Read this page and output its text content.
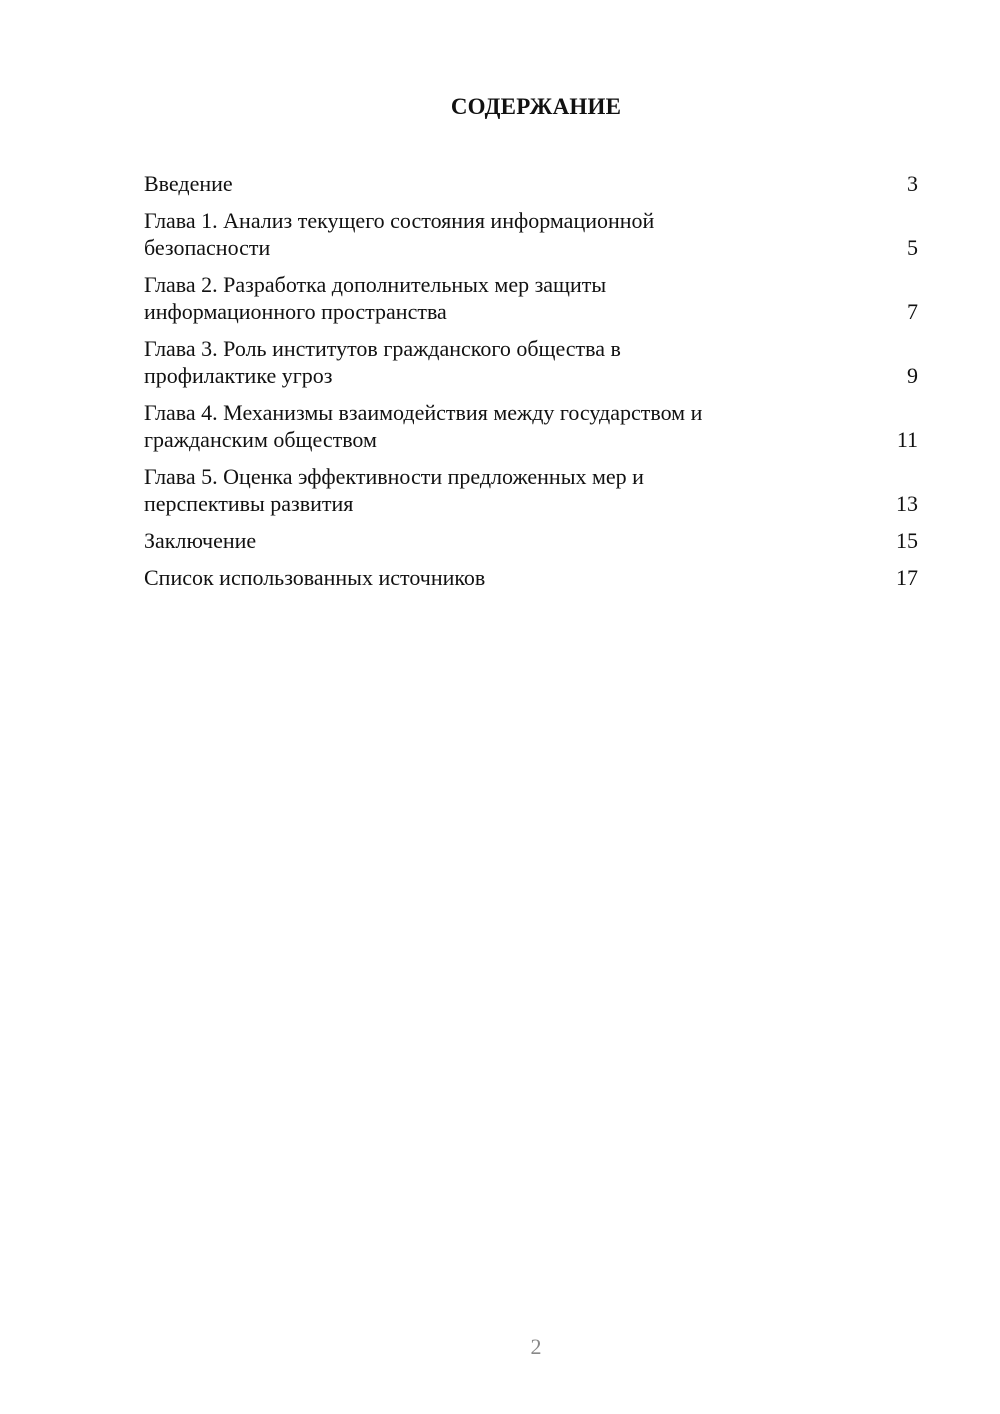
СОДЕРЖАНИЕ
Введение	3
Глава 1. Анализ текущего состояния информационной
безопасности	5
Глава 2. Разработка дополнительных мер защиты
информационного пространства	7
Глава 3. Роль институтов гражданского общества в
профилактике угроз	9
Глава 4. Механизмы взаимодействия между государством и
гражданским обществом	11
Глава 5. Оценка эффективности предложенных мер и
перспективы развития	13
Заключение	15
Список использованных источников	17
2
